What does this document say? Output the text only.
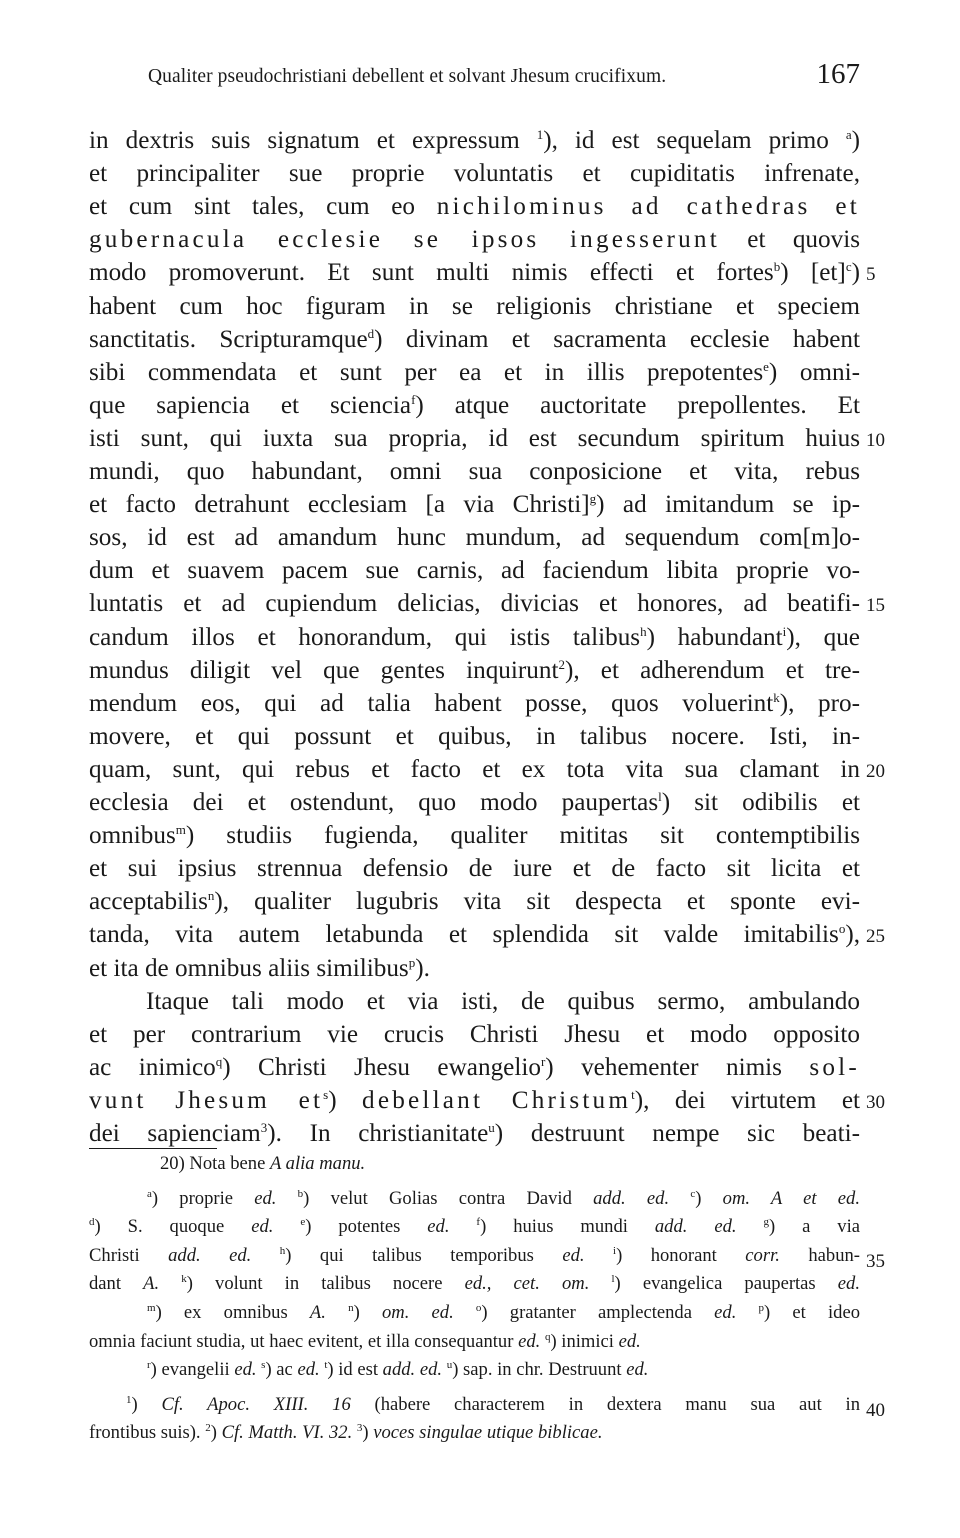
Qualiter pseudochristiani debellent et solvant Jhesum crucifixum.	167
in dextris suis signatum et expressum $^1$), id est sequelam primo $^a$)
et principaliter sue proprie voluntatis et cupiditatis infrenate,
et cum sint tales, cum eo nichilominus ad cathedras et
gubernacula ecclesie se ipsos ingesserunt et quovis
modo promoverunt. Et sunt multi nimis effecti et fortes$^b$) [et]$^c$)
habent cum hoc figuram in se religionis christiane et speciem
sanctitatis. Scripturamque$^d$) divinam et sacramenta ecclesie habent
sibi commendata et sunt per ea et in illis prepotentes$^e$) omni-
que sapiencia et sciencia$^f$) atque auctoritate prepollentes. Et
isti sunt, qui iuxta sua propria, id est secundum spiritum huius
mundi, quo habundant, omni sua conposicione et vita, rebus
et facto detrahunt ecclesiam [a via Christi]$^g$) ad imitandum se ip-
sos, id est ad amandum hunc mundum, ad sequendum com[m]o-
dum et suavem pacem sue carnis, ad faciendum libita proprie vo-
luntatis et ad cupiendum delicias, divicias et honores, ad beatifi-
candum illos et honorandum, qui istis talibus$^h$) habundant$^i$), que
mundus diligit vel que gentes inquirunt$^2$), et adherendum et tre-
mendum eos, qui ad talia habent posse, quos voluerint$^k$), pro-
movere, et qui possunt et quibus, in talibus nocere. Isti, in-
quam, sunt, qui rebus et facto et ex tota vita sua clamant in
ecclesia dei et ostendunt, quo modo paupertas$^l$) sit odibilis et
omnibus$^m$) studiis fugienda, qualiter mititas sit contemptibilis
et sui ipsius strennua defensio de iure et de facto sit licita et
acceptabilis$^n$), qualiter lugubris vita sit despecta et sponte evi-
tanda, vita autem letabunda et splendida sit valde imitabilis$^o$),
et ita de omnibus aliis similibus$^p$).
Itaque tali modo et via isti, de quibus sermo, ambulando
et per contrarium vie crucis Christi Jhesu et modo opposito
ac inimico$^q$) Christi Jhesu ewangelio$^r$) vehementer nimis sol-
vunt Jhesum $et^s$) debellant Christum$^t$), dei virtutem et
dei sapienciam$^3$). In christianitate$^u$) destruunt nempe sic beati-
5
10
15
20
25
30
20) Nota bene A alia manu.
$^a$) proprie ed. $^b$) velut Golias contra David add. ed. $^c$) om. A et ed.
$^d$) S. quoque ed. $^e$) potentes ed. $^f$) huius mundi add. ed. $^g$) a via
Christi add. ed.	$^h$) qui talibus temporibus ed.	$^i$) honorant corr. habun-
dant A. $^k$) volunt in talibus nocere ed., cet. om. $^l$) evangelica paupertas ed.
$^m$) ex omnibus A. $^n$) om. ed. $^o$) gratanter amplectenda ed. $^p$) et ideo
omnia faciunt studia, ut haec evitent, et illa consequantur ed. $^q$) inimici ed.
$^r$) evangelii ed. $^s$) ac ed. $^t$) id est add. ed. $^u$) sap. in chr. Destruunt ed.
$^1$) Cf. Apoc. XIII. 16 (habere characterem in dextera manu sua aut in
frontibus suis). $^2$) Cf. Matth. VI. 32. $^3$) voces singulae utique biblicae.
35
40
